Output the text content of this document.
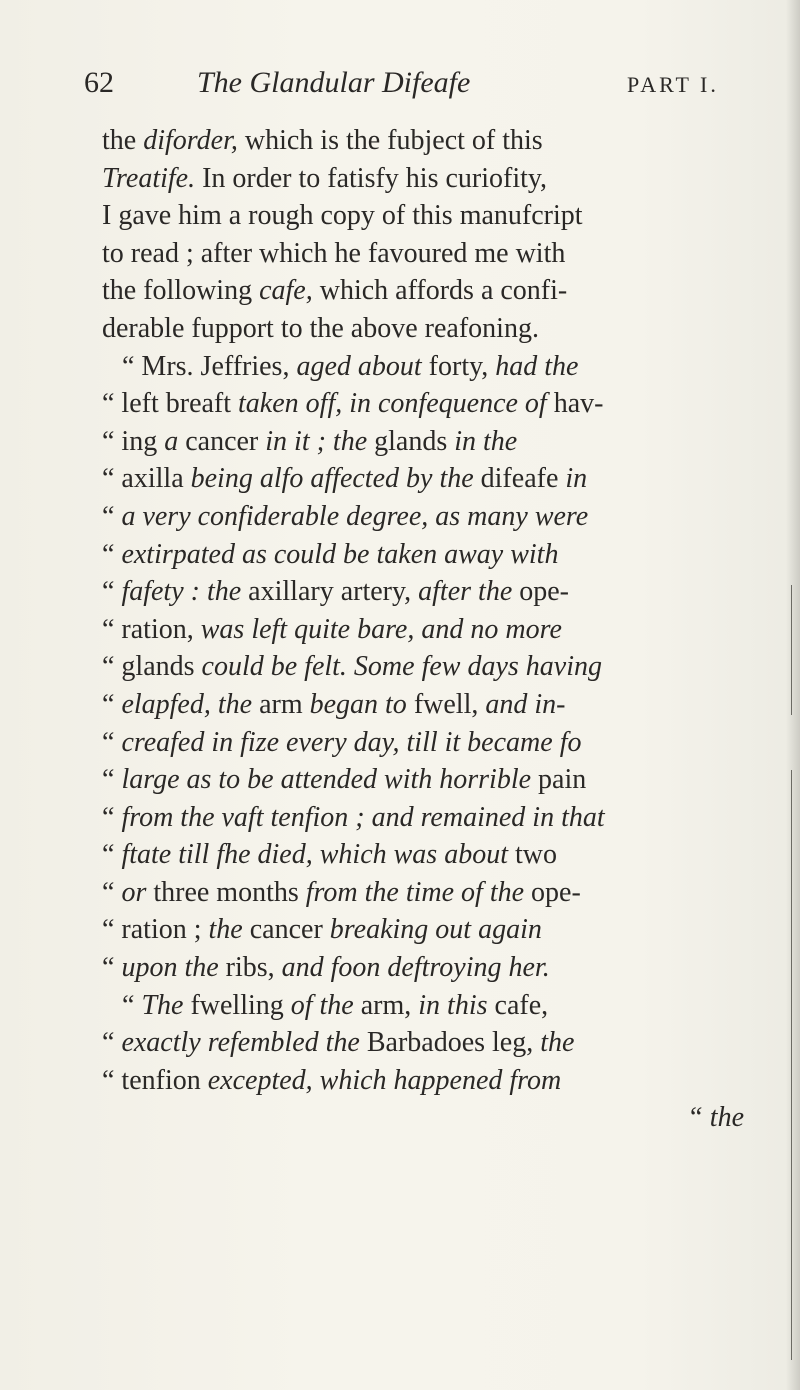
62	The Glandular Difeafe	PART I.
the diforder, which is the fubject of this
Treatife. In order to fatisfy his curiofity,
I gave him a rough copy of this manufcript
to read ; after which he favoured me with
the following cafe, which affords a confi-
derable fupport to the above reafoning.
“ Mrs. Jeffries, aged about forty, had the
“ left breaft taken off, in confequence of hav-
“ ing a cancer in it ; the glands in the
“ axilla being alfo affected by the difeafe in
“ a very confiderable degree, as many were
“ extirpated as could be taken away with
“ fafety : the axillary artery, after the ope-
“ ration, was left quite bare, and no more
“ glands could be felt. Some few days having
“ elapfed, the arm began to fwell, and in-
“ creafed in fize every day, till it became fo
“ large as to be attended with horrible pain
“ from the vaft tenfion ; and remained in that
“ ftate till fhe died, which was about two
“ or three months from the time of the ope-
“ ration ; the cancer breaking out again
“ upon the ribs, and foon deftroying her.
“ The fwelling of the arm, in this cafe,
“ exactly refembled the Barbadoes leg, the
“ tenfion excepted, which happened from
“ the
